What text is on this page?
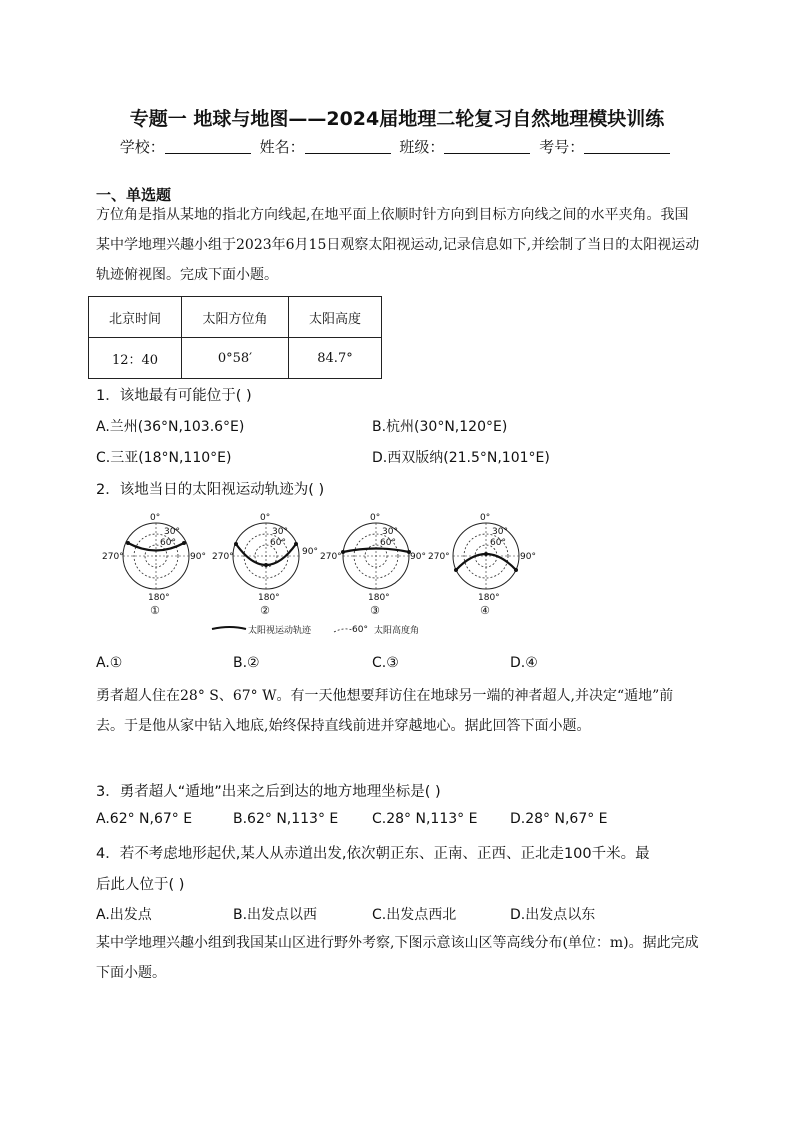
专题一 地球与地图——2024届地理二轮复习自然地理模块训练
学校：	姓名：	班级：	考号：
一、单选题
方位角是指从某地的指北方向线起,在地平面上依顺时针方向到目标方向线之间的水平夹角。我国某中学地理兴趣小组于2023年6月15日观察太阳视运动,记录信息如下,并绘制了当日的太阳视运动轨迹俯视图。完成下面小题。
北京时间	太阳方位角	太阳高度
12：40	0°58′	84.7°
1．该地最有可能位于( )
A.兰州(36°N,103.6°E)	B.杭州(30°N,120°E)
C.三亚(18°N,110°E)	D.西双版纳(21.5°N,101°E)
2．该地当日的太阳视运动轨迹为( )
0°
180°
270°	90°
30°
60°
①
0°
180°
270°	90°
30°
60°
②
0°
180°
270°	90°
30°
60°
③
0°
180°
270°	90°
30°
60°
④
太阳视运动轨迹	60° 太阳高度角
A.①	B.②	C.③	D.④
勇者超人住在28° S、67° W。有一天他想要拜访住在地球另一端的神者超人,并决定“遁地”前去。于是他从家中钻入地底,始终保持直线前进并穿越地心。据此回答下面小题。
3．勇者超人“遁地”出来之后到达的地方地理坐标是( )
A.62° N,67° E	B.62° N,113° E C.28° N,113° E D.28° N,67° E
4．若不考虑地形起伏,某人从赤道出发,依次朝正东、正南、正西、正北走100千米。最
后此人位于( )
A.出发点	B.出发点以西	C.出发点西北	D.出发点以东
某中学地理兴趣小组到我国某山区进行野外考察,下图示意该山区等高线分布(单位：m)。据此完成下面小题。
